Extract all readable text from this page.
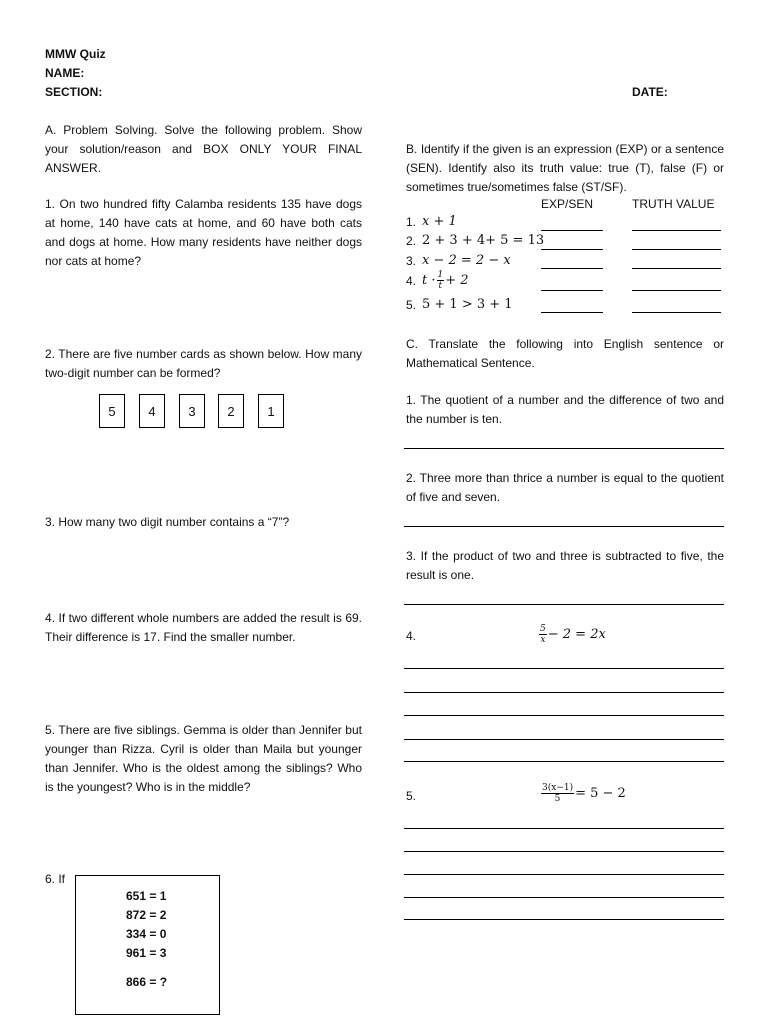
MMW Quiz
NAME:
SECTION:	DATE:
A. Problem Solving. Solve the following problem. Show your solution/reason and BOX ONLY YOUR FINAL ANSWER.
1. On two hundred fifty Calamba residents 135 have dogs at home, 140 have cats at home, and 60 have both cats and dogs at home. How many residents have neither dogs nor cats at home?
2. There are five number cards as shown below. How many two-digit number can be formed?
5	4	3	2	1
3. How many two digit number contains a “7”?
4. If two different whole numbers are added the result is 69. Their difference is 17. Find the smaller number.
5. There are five siblings. Gemma is older than Jennifer but younger than Rizza. Cyril is older than Maila but younger than Jennifer. Who is the oldest among the siblings? Who is the youngest? Who is in the middle?
6. If
651 = 1
872 = 2
334 = 0
961 = 3
866 = ?
B. Identify if the given is an expression (EXP) or a sentence (SEN). Identify also its truth value: true (T), false (F) or sometimes true/sometimes false (ST/SF).
EXP/SEN	TRUTH VALUE
1. x + 1
2. 2 + 3 + 4+ 5 = 13
3. x − 2 = 2 − x
4. $t \cdot \frac{1}{t} + 2$
5. 5 + 1 > 3 + 1
C. Translate the following into English sentence or Mathematical Sentence.
1. The quotient of a number and the difference of two and the number is ten.
2. Three more than thrice a number is equal to the quotient of five and seven.
3. If the product of two and three is subtracted to five, the result is one.
4.	$\frac{5}{x} - 2 = 2x$
5.	$\frac{3(x-1)}{5} = 5 - 2$
